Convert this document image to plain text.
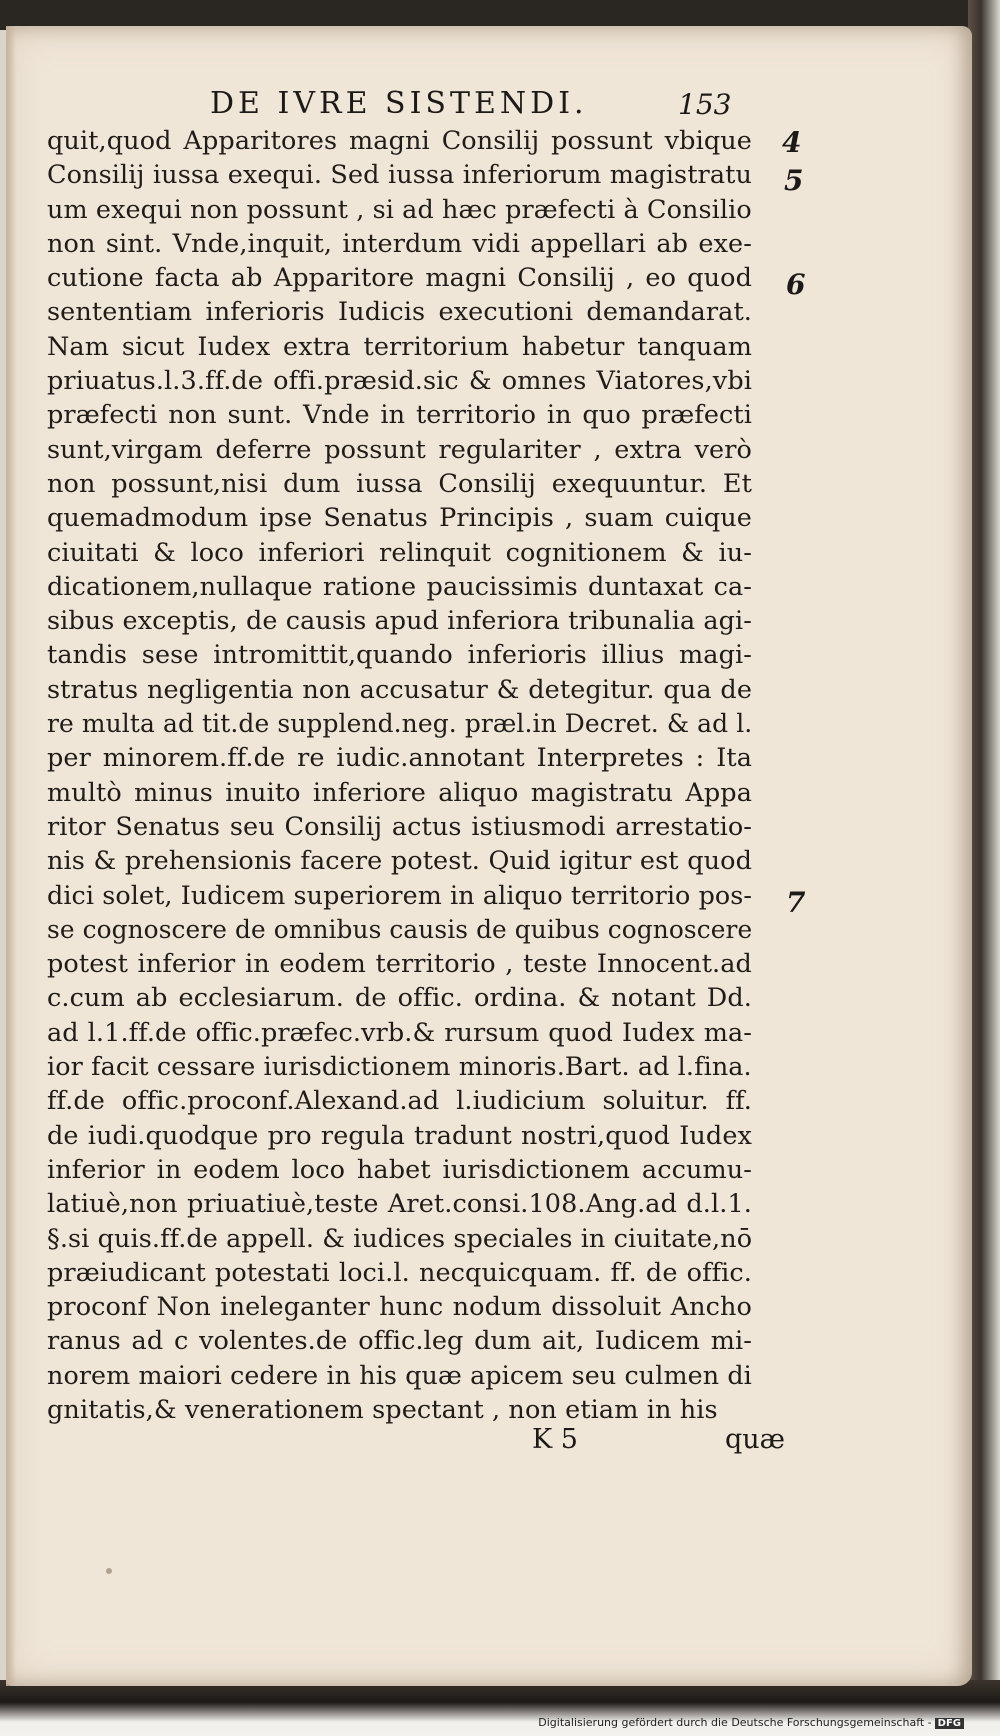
DE IVRE SISTENDI.	153
quit,quod Apparitores magni Consilij possunt vbique
Consilij iussa exequi. Sed iussa inferiorum magistratu
um exequi non possunt , si ad hæc præfecti à Consilio
non sint. Vnde,inquit, interdum vidi appellari ab exe-
cutione facta ab Apparitore magni Consilij , eo quod
sententiam inferioris Iudicis executioni demandarat.
Nam sicut Iudex extra territorium habetur tanquam
priuatus.l.3.ff.de offi.præsid.sic & omnes Viatores,vbi
præfecti non sunt. Vnde in territorio in quo præfecti
sunt,virgam deferre possunt regulariter , extra verò
non possunt,nisi dum iussa Consilij exequuntur. Et
quemadmodum ipse Senatus Principis , suam cuique
ciuitati & loco inferiori relinquit cognitionem & iu-
dicationem,nullaque ratione paucissimis duntaxat ca-
sibus exceptis, de causis apud inferiora tribunalia agi-
tandis sese intromittit,quando inferioris illius magi-
stratus negligentia non accusatur & detegitur. qua de
re multa ad tit.de supplend.neg. præl.in Decret. & ad l.
per minorem.ff.de re iudic.annotant Interpretes : Ita
multò minus inuito inferiore aliquo magistratu Appa
ritor Senatus seu Consilij actus istiusmodi arrestatio-
nis & prehensionis facere potest. Quid igitur est quod
dici solet, Iudicem superiorem in aliquo territorio pos-
se cognoscere de omnibus causis de quibus cognoscere
potest inferior in eodem territorio , teste Innocent.ad
c.cum ab ecclesiarum. de offic. ordina. & notant Dd.
ad l.1.ff.de offic.præfec.vrb.& rursum quod Iudex ma-
ior facit cessare iurisdictionem minoris.Bart. ad l.fina.
ff.de offic.proconf.Alexand.ad l.iudicium soluitur. ff.
de iudi.quodque pro regula tradunt nostri,quod Iudex
inferior in eodem loco habet iurisdictionem accumu-
latiuè,non priuatiuè,teste Aret.consi.108.Ang.ad d.l.1.
§.si quis.ff.de appell. & iudices speciales in ciuitate,nō
præiudicant potestati loci.l. necquicquam. ff. de offic.
proconf Non ineleganter hunc nodum dissoluit Ancho
ranus ad c volentes.de offic.leg dum ait, Iudicem mi-
norem maiori cedere in his quæ apicem seu culmen di
gnitatis,& venerationem spectant , non etiam in his
4
5
6
7
K 5	quæ
Digitalisierung gefördert durch die Deutsche Forschungsgemeinschaft - DFG
